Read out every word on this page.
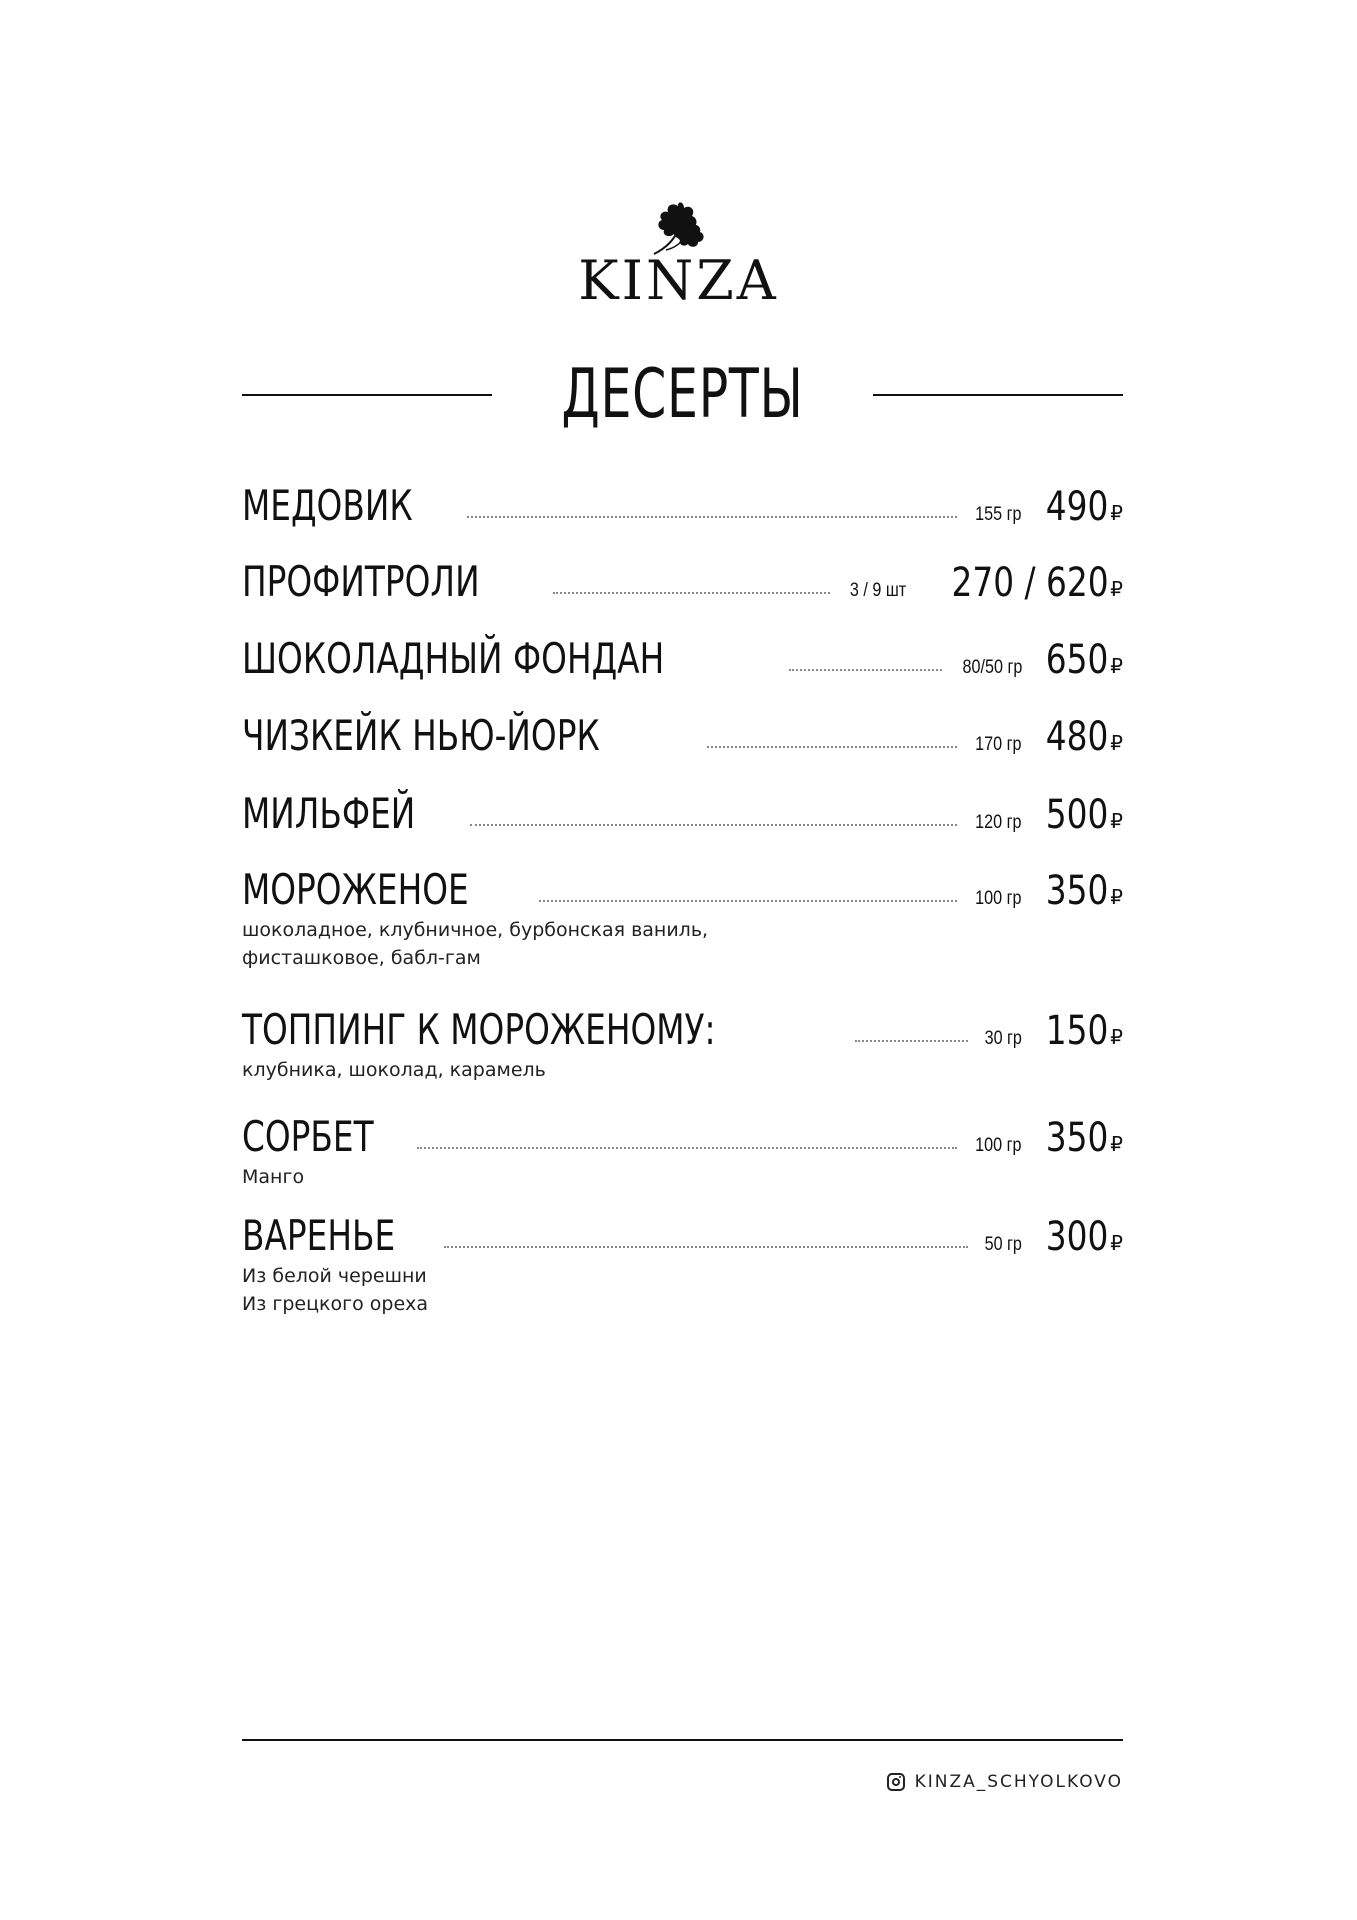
KINZA
ДЕСЕРТЫ
МЕДОВИК	155 гр 490 ₽
ПРОФИТРОЛИ	3 / 9 шт 270 / 620 ₽
ШОКОЛАДНЫЙ ФОНДАН	80/50 гр 650 ₽
ЧИЗКЕЙК НЬЮ-ЙОРК	170 гр 480 ₽
МИЛЬФЕЙ	120 гр 500 ₽
МОРОЖЕНОЕ	100 гр 350 ₽
шоколадное, клубничное, бурбонская ваниль,
фисташковое, бабл-гам
ТОППИНГ К МОРОЖЕНОМУ:	30 гр 150 ₽
клубника, шоколад, карамель
СОРБЕТ	100 гр 350 ₽
Манго
ВАРЕНЬЕ	50 гр 300 ₽
Из белой черешни
Из грецкого ореха
KINZA_SCHYOLKOVO
